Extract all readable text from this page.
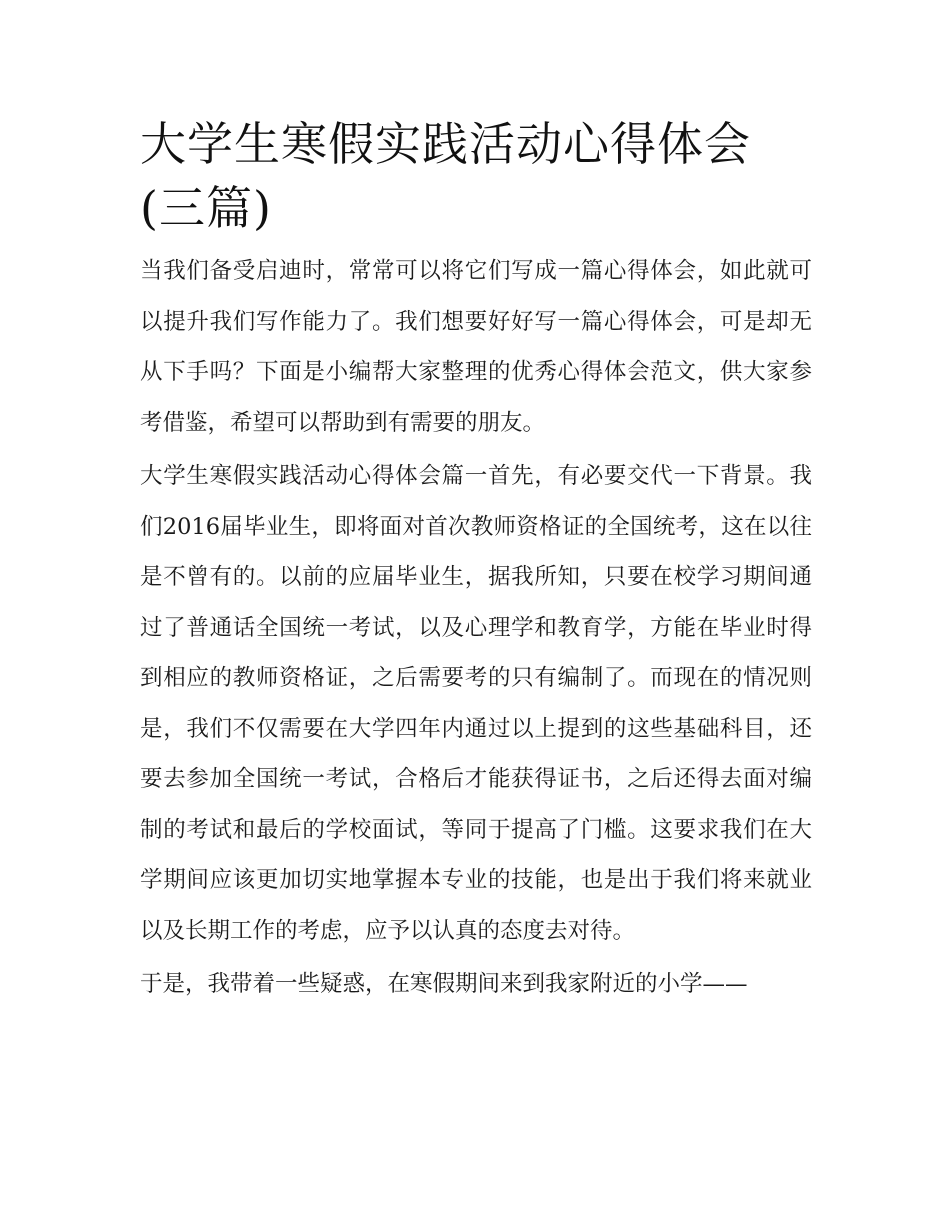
大学生寒假实践活动心得体会(三篇)

当我们备受启迪时，常常可以将它们写成一篇心得体会，如此就可以提升我们写作能力了。我们想要好好写一篇心得体会，可是却无从下手吗？下面是小编帮大家整理的优秀心得体会范文，供大家参考借鉴，希望可以帮助到有需要的朋友。

大学生寒假实践活动心得体会篇一首先，有必要交代一下背景。我们2016届毕业生，即将面对首次教师资格证的全国统考，这在以往是不曾有的。以前的应届毕业生，据我所知，只要在校学习期间通过了普通话全国统一考试，以及心理学和教育学，方能在毕业时得到相应的教师资格证，之后需要考的只有编制了。而现在的情况则是，我们不仅需要在大学四年内通过以上提到的这些基础科目，还要去参加全国统一考试，合格后才能获得证书，之后还得去面对编制的考试和最后的学校面试，等同于提高了门槛。这要求我们在大学期间应该更加切实地掌握本专业的技能，也是出于我们将来就业以及长期工作的考虑，应予以认真的态度去对待。

于是，我带着一些疑惑，在寒假期间来到我家附近的小学——
